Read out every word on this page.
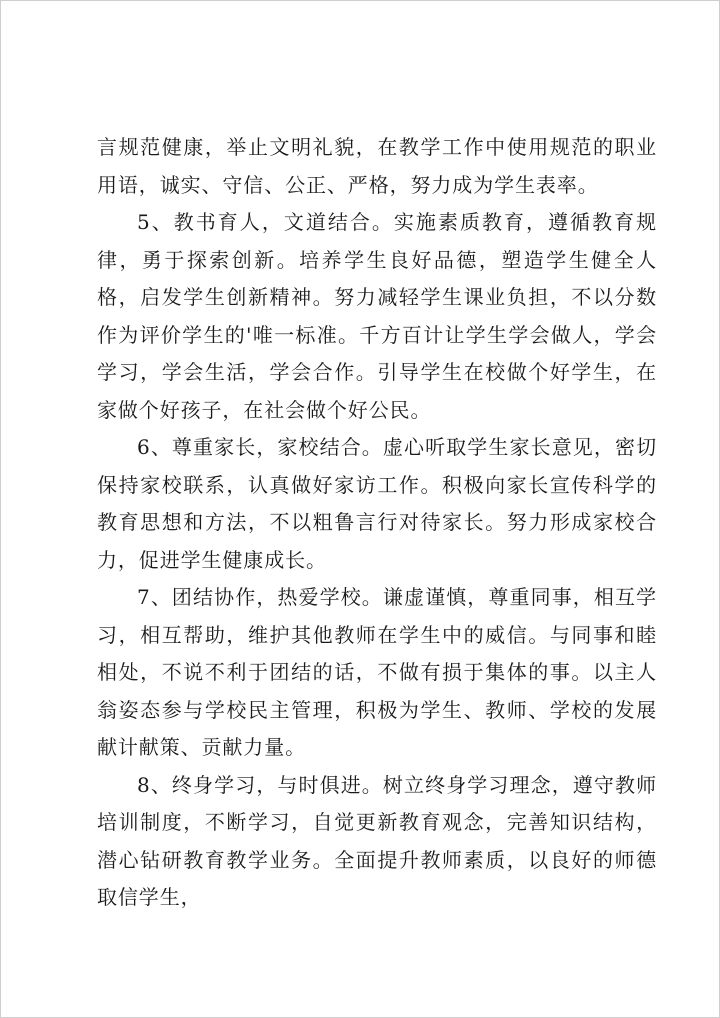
言规范健康，举止文明礼貌，在教学工作中使用规范的职业用语，诚实、守信、公正、严格，努力成为学生表率。

5、教书育人，文道结合。实施素质教育，遵循教育规律，勇于探索创新。培养学生良好品德，塑造学生健全人格，启发学生创新精神。努力减轻学生课业负担，不以分数作为评价学生的'唯一标准。千方百计让学生学会做人，学会学习，学会生活，学会合作。引导学生在校做个好学生，在家做个好孩子，在社会做个好公民。

6、尊重家长，家校结合。虚心听取学生家长意见，密切保持家校联系，认真做好家访工作。积极向家长宣传科学的教育思想和方法，不以粗鲁言行对待家长。努力形成家校合力，促进学生健康成长。

7、团结协作，热爱学校。谦虚谨慎，尊重同事，相互学习，相互帮助，维护其他教师在学生中的威信。与同事和睦相处，不说不利于团结的话，不做有损于集体的事。以主人翁姿态参与学校民主管理，积极为学生、教师、学校的发展献计献策、贡献力量。

8、终身学习，与时俱进。树立终身学习理念，遵守教师培训制度，不断学习，自觉更新教育观念，完善知识结构，潜心钻研教育教学业务。全面提升教师素质，以良好的师德取信学生，
